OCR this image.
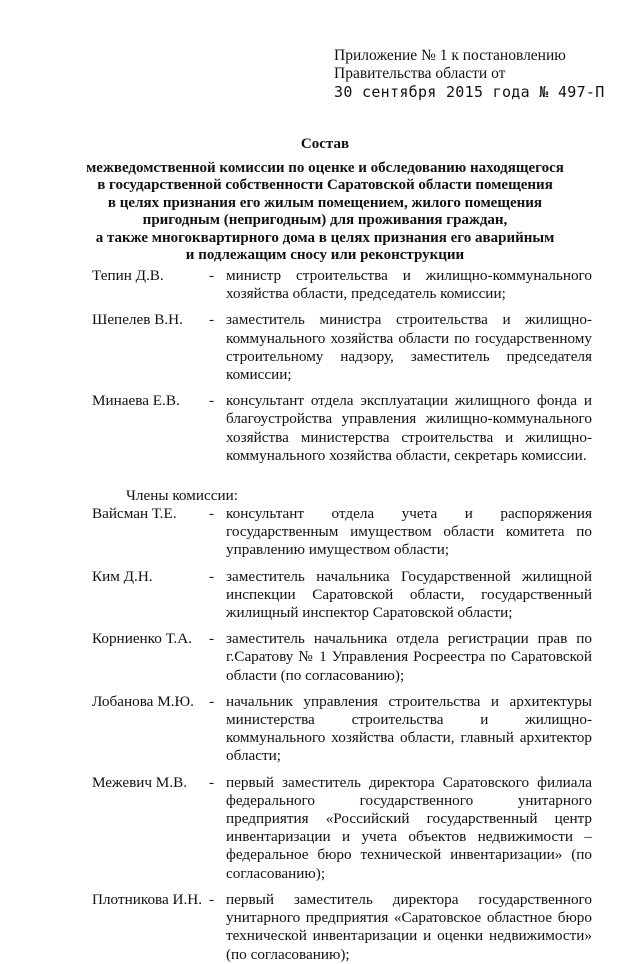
Приложение № 1 к постановлению
Правительства области от
30 сентября 2015 года № 497-П
Состав
межведомственной комиссии по оценке и обследованию находящегося
в государственной собственности Саратовской области помещения
в целях признания его жилым помещением, жилого помещения
пригодным (непригодным) для проживания граждан,
а также многоквартирного дома в целях признания его аварийным
и подлежащим сносу или реконструкции
Тепин Д.В.	- министр строительства и жилищно-коммунального хозяйства области, председатель комиссии;
Шепелев В.Н.	- заместитель министра строительства и жилищно-коммунального хозяйства области по государственному строительному надзору, заместитель председателя комиссии;
Минаева Е.В.	- консультант отдела эксплуатации жилищного фонда и благоустройства управления жилищно-коммунального хозяйства министерства строительства и жилищно-коммунального хозяйства области, секретарь комиссии.
Члены комиссии:
Вайсман Т.Е.	- консультант отдела учета и распоряжения государственным имуществом области комитета по управлению имуществом области;
Ким Д.Н.	- заместитель начальника Государственной жилищной инспекции Саратовской области, государственный жилищный инспектор Саратовской области;
Корниенко Т.А.	- заместитель начальника отдела регистрации прав по г.Саратову № 1 Управления Росреестра по Саратовской области (по согласованию);
Лобанова М.Ю. - начальник управления строительства и архитектуры министерства строительства и жилищно-коммунального хозяйства области, главный архитектор области;
Межевич М.В.	- первый заместитель директора Саратовского филиала федерального государственного унитарного предприятия «Российский государственный центр инвентаризации и учета объектов недвижимости – федеральное бюро технической инвентаризации» (по согласованию);
Плотникова И.Н. - первый заместитель директора государственного унитарного предприятия «Саратовское областное бюро технической инвентаризации и оценки недвижимости» (по согласованию);
